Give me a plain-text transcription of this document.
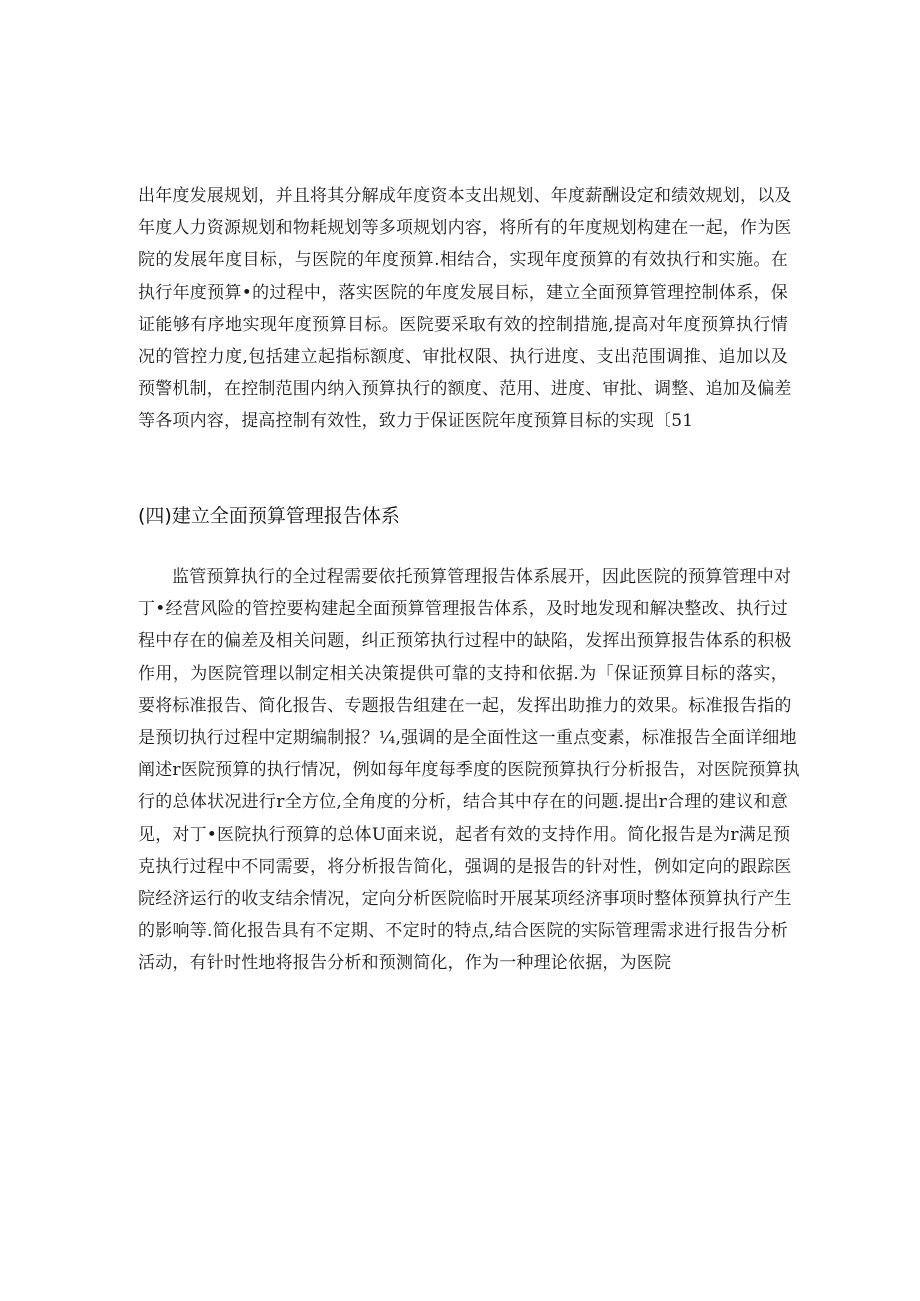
出年度发展规划，并且将其分解成年度资本支出规划、年度薪酬设定和绩效规划，以及
年度人力资源规划和物耗规划等多项规划内容，将所有的年度规划构建在一起，作为医
院的发展年度目标，与医院的年度预算.相结合，实现年度预算的有效执行和实施。在
执行年度预算•的过程中，落实医院的年度发展目标，建立全面预算管理控制体系，保
证能够有序地实现年度预算目标。医院要采取有效的控制措施,提高对年度预算执行情
况的管控力度,包括建立起指标额度、审批权限、执行进度、支出范围调推、追加以及
预警机制，在控制范围内纳入预算执行的额度、范用、进度、审批、调整、追加及偏差
等各项内容，提高控制有效性，致力于保证医院年度预算目标的实现〔51
(四)建立全面预算管理报告体系
监管预算执行的全过程需要依托预算管理报告体系展开，因此医院的预算管理中对
丁•经营风险的管控要构建起全面预算管理报告体系，及时地发现和解决整改、执行过
程中存在的偏差及相关问题，纠正预笫执行过程中的缺陷，发挥出预算报告体系的积极
作用，为医院管理以制定相关决策提供可靠的支持和依据.为「保证预算目标的落实，
要将标准报告、简化报告、专题报告组建在一起，发挥出助推力的效果。标准报告指的
是预切执行过程中定期编制报？¼,强调的是全面性这一重点变素，标准报告全面详细地
阐述r医院预算的执行情况，例如每年度每季度的医院预算执行分析报告，对医院预算执
行的总体状况进行r全方位,全角度的分析，结合其中存在的问题.提出r合理的建议和意
见，对丁•医院执行预算的总体U面来说，起者有效的支持作用。简化报告是为r满足预
克执行过程中不同需要，将分析报告简化，强调的是报告的针对性，例如定向的跟踪医
院经济运行的收支结余情况，定向分析医院临时开展某项经济事项时整体预算执行产生
的影响等.简化报告具有不定期、不定时的特点,结合医院的实际管理需求进行报告分析
活动，有针时性地将报告分析和预测简化，作为一种理论依据，为医院
